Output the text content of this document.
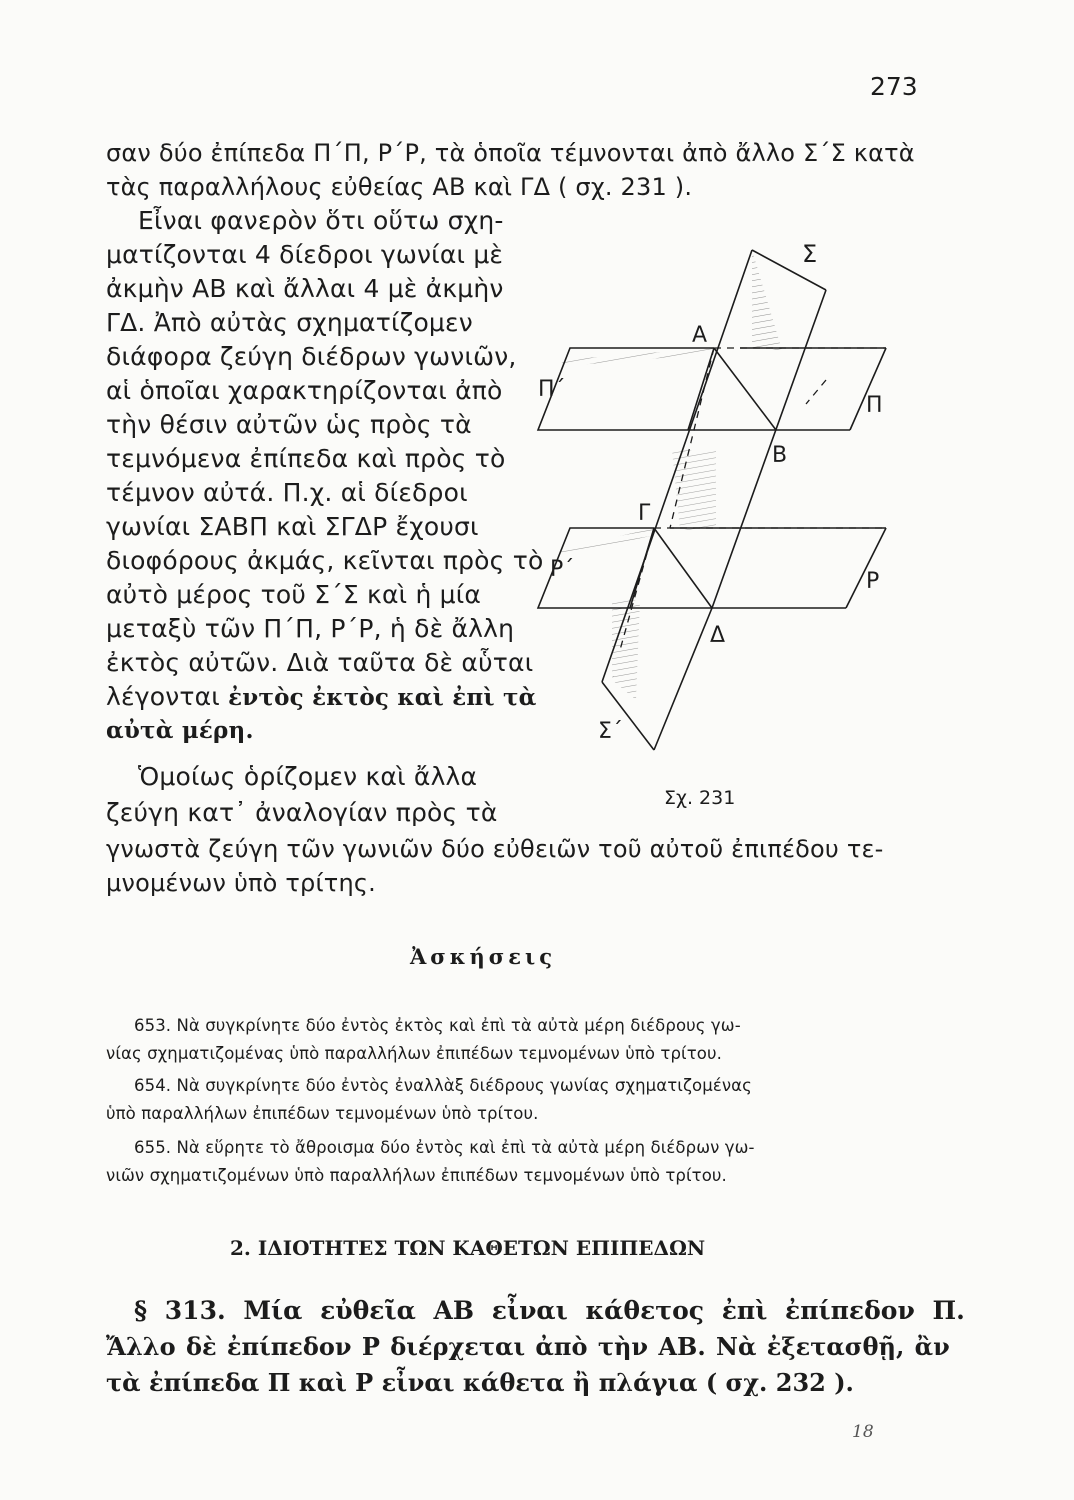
273
σαν δύο ἐπίπεδα Π΄Π, Ρ΄Ρ, τὰ ὁποῖα τέμνονται ἀπὸ ἄλλο Σ΄Σ κατὰ
τὰς παραλλήλους εὐθείας ΑΒ καὶ ΓΔ ( σχ. 231 ).
Εἶναι φανερὸν ὅτι οὕτω σχη-
ματίζονται 4 δίεδροι γωνίαι μὲ
ἀκμὴν ΑΒ καὶ ἄλλαι 4 μὲ ἀκμὴν
ΓΔ. Ἀπὸ αὐτὰς σχηματίζομεν
διάφορα ζεύγη διέδρων γωνιῶν,
αἱ ὁποῖαι χαρακτηρίζονται ἀπὸ
τὴν θέσιν αὐτῶν ὡς πρὸς τὰ
τεμνόμενα ἐπίπεδα καὶ πρὸς τὸ
τέμνον αὐτά. Π.χ. αἱ δίεδροι
γωνίαι ΣΑΒΠ καὶ ΣΓΔΡ ἔχουσι
διοφόρους ἀκμάς, κεῖνται πρὸς τὸ
αὐτὸ μέρος τοῦ Σ΄Σ καὶ ἡ μία
μεταξὺ τῶν Π΄Π, Ρ΄Ρ, ἡ δὲ ἄλλη
ἐκτὸς αὐτῶν. Διὰ ταῦτα δὲ αὗται
λέγονται ἐντὸς ἐκτὸς καὶ ἐπὶ τὰ
αὐτὰ μέρη.
Ὁμοίως ὁρίζομεν καὶ ἄλλα
ζεύγη κατ᾽ ἀναλογίαν πρὸς τὰ
γνωστὰ ζεύγη τῶν γωνιῶν δύο εὐθειῶν τοῦ αὐτοῦ ἐπιπέδου τε-
μνομένων ὑπὸ τρίτης.
Σ
Α
Π΄
Π
Β
Γ
Ρ΄	Ρ
Δ
Σ΄
Σχ. 231
Ἀσκήσεις
653. Νὰ συγκρίνητε δύο ἐντὸς ἐκτὸς καὶ ἐπὶ τὰ αὐτὰ μέρη διέδρους γω-
νίας σχηματιζομένας ὑπὸ παραλλήλων ἐπιπέδων τεμνομένων ὑπὸ τρίτου.
654. Νὰ συγκρίνητε δύο ἐντὸς ἐναλλὰξ διέδρους γωνίας σχηματιζομένας
ὑπὸ παραλλήλων ἐπιπέδων τεμνομένων ὑπὸ τρίτου.
655. Νὰ εὕρητε τὸ ἄθροισμα δύο ἐντὸς καὶ ἐπὶ τὰ αὐτὰ μέρη διέδρων γω-
νιῶν σχηματιζομένων ὑπὸ παραλλήλων ἐπιπέδων τεμνομένων ὑπὸ τρίτου.
2. ΙΔΙΟΤΗΤΕΣ ΤΩΝ ΚΑΘΕΤΩΝ ΕΠΙΠΕΔΩΝ
§ 313. Μία εὐθεῖα ΑΒ εἶναι κάθετος ἐπὶ ἐπίπεδον Π.
Ἄλλο δὲ ἐπίπεδον Ρ διέρχεται ἀπὸ τὴν ΑΒ. Νὰ ἐξετασθῇ, ἂν
τὰ ἐπίπεδα Π καὶ Ρ εἶναι κάθετα ἢ πλάγια ( σχ. 232 ).
18
